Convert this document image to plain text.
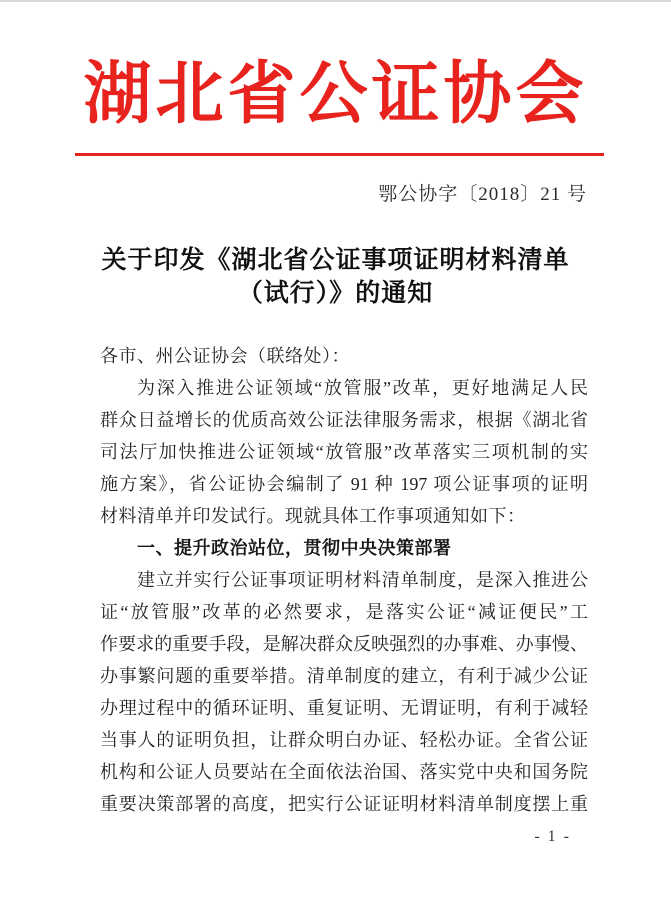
湖北省公证协会
鄂公协字〔2018〕21 号
关于印发《湖北省公证事项证明材料清单
（试行）》的通知
各市、州公证协会（联络处）：
为深入推进公证领域“放管服”改革，更好地满足人民
群众日益增长的优质高效公证法律服务需求，根据《湖北省
司法厅加快推进公证领域“放管服”改革落实三项机制的实
施方案》，省公证协会编制了 91 种 197 项公证事项的证明
材料清单并印发试行。现就具体工作事项通知如下：
一、提升政治站位，贯彻中央决策部署
建立并实行公证事项证明材料清单制度，是深入推进公
证“放管服”改革的必然要求，是落实公证“减证便民”工
作要求的重要手段，是解决群众反映强烈的办事难、办事慢、
办事繁问题的重要举措。清单制度的建立，有利于减少公证
办理过程中的循环证明、重复证明、无谓证明，有利于减轻
当事人的证明负担，让群众明白办证、轻松办证。全省公证
机构和公证人员要站在全面依法治国、落实党中央和国务院
重要决策部署的高度，把实行公证证明材料清单制度摆上重
- 1 -
